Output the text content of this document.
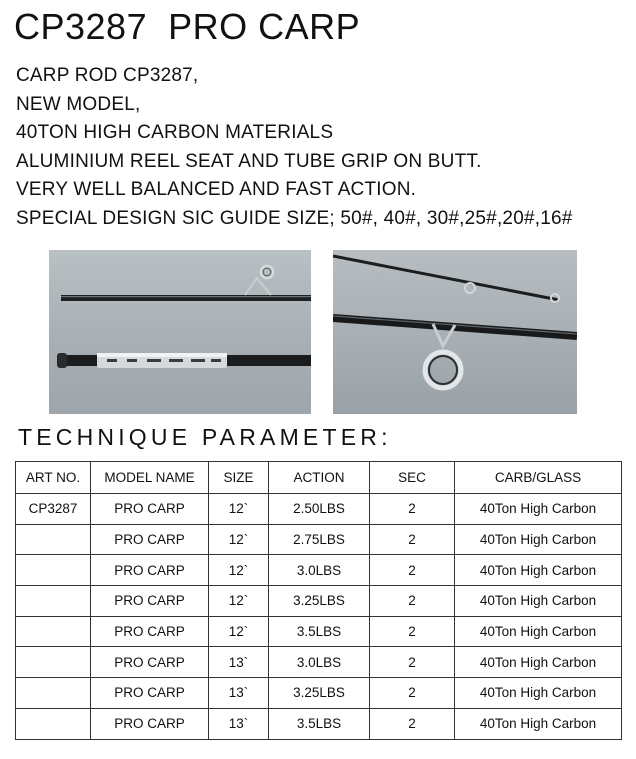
CP3287  PRO CARP
CARP ROD CP3287,
NEW MODEL,
40TON HIGH CARBON MATERIALS
ALUMINIUM REEL SEAT AND TUBE GRIP ON BUTT.
VERY WELL BALANCED AND FAST ACTION.
SPECIAL DESIGN SIC GUIDE SIZE; 50#, 40#, 30#,25#,20#,16#
TECHNIQUE PARAMETER:
ART NO.	MODEL NAME	SIZE	ACTION	SEC	CARB/GLASS
CP3287	PRO CARP	12`	2.50LBS	2	40Ton High Carbon
	PRO CARP	12`	2.75LBS	2	40Ton High Carbon
	PRO CARP	12`	3.0LBS	2	40Ton High Carbon
	PRO CARP	12`	3.25LBS	2	40Ton High Carbon
	PRO CARP	12`	3.5LBS	2	40Ton High Carbon
	PRO CARP	13`	3.0LBS	2	40Ton High Carbon
	PRO CARP	13`	3.25LBS	2	40Ton High Carbon
	PRO CARP	13`	3.5LBS	2	40Ton High Carbon
